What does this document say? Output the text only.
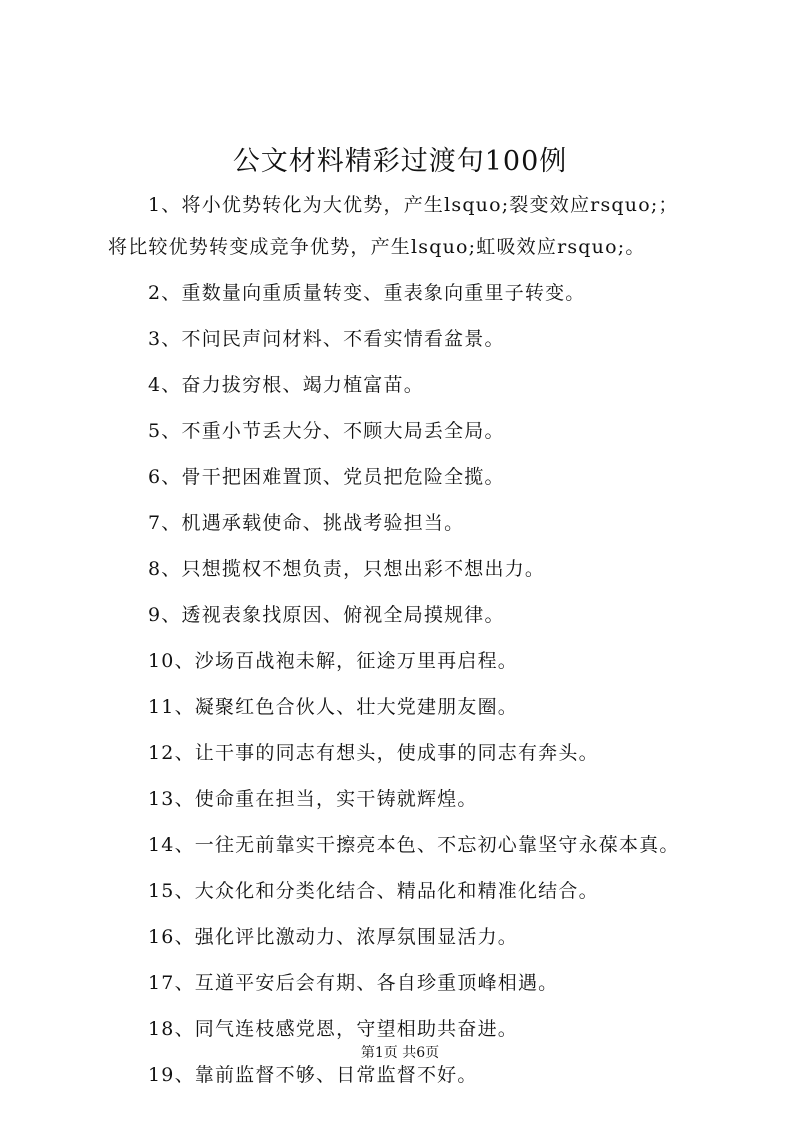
公文材料精彩过渡句100例
1、将小优势转化为大优势，产生lsquo;裂变效应rsquo;；
将比较优势转变成竞争优势，产生lsquo;虹吸效应rsquo;。
2、重数量向重质量转变、重表象向重里子转变。
3、不问民声问材料、不看实情看盆景。
4、奋力拔穷根、竭力植富苗。
5、不重小节丢大分、不顾大局丢全局。
6、骨干把困难置顶、党员把危险全揽。
7、机遇承载使命、挑战考验担当。
8、只想揽权不想负责，只想出彩不想出力。
9、透视表象找原因、俯视全局摸规律。
10、沙场百战袍未解，征途万里再启程。
11、凝聚红色合伙人、壮大党建朋友圈。
12、让干事的同志有想头，使成事的同志有奔头。
13、使命重在担当，实干铸就辉煌。
14、一往无前靠实干擦亮本色、不忘初心靠坚守永葆本真。
15、大众化和分类化结合、精品化和精准化结合。
16、强化评比激动力、浓厚氛围显活力。
17、互道平安后会有期、各自珍重顶峰相遇。
18、同气连枝感党恩，守望相助共奋进。
19、靠前监督不够、日常监督不好。
第1页 共6页
